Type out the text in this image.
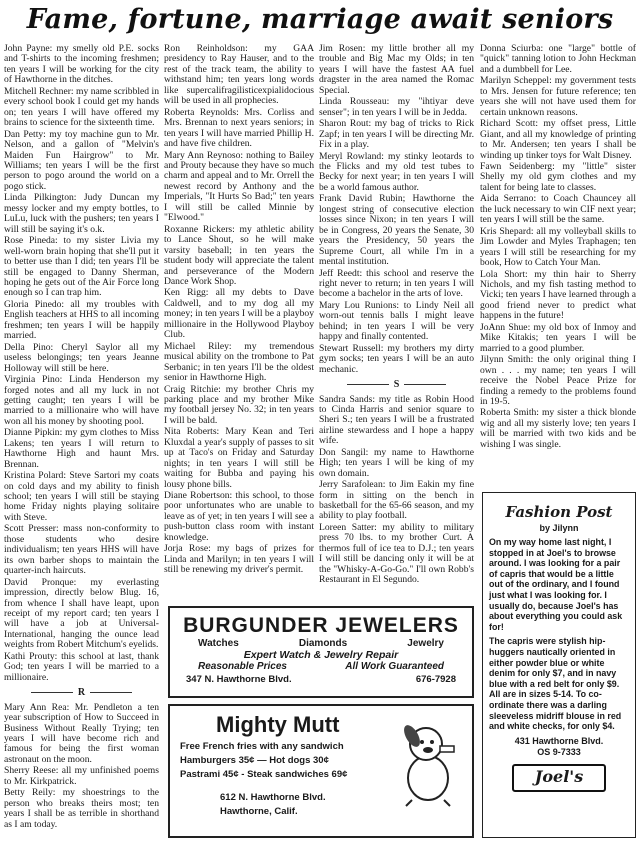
Fame, fortune, marriage await seniors

John Payne: my smelly old P.E. socks and T-shirts to the incoming freshmen; ten years I will be working for the city of Hawthorne in the ditches.

Mitchell Rechner: my name scribbled in every school book I could get my hands on; ten years I will have offered my brains to science for the sixteenth time.

Dan Petty: my toy machine gun to Mr. Nelson, and a gallon of "Melvin's Maiden Fun Hairgrow" to Mr. Williams; ten years I will be the first person to pogo around the world on a pogo stick.

Linda Pilkington: Judy Duncan my messy locker and my empty bottles, to LuLu, luck with the pushers; ten years I will still be saying it's o.k.

Rose Pineda: to my sister Livia my well-worn brain hoping that she'll put it to better use than I did; ten years I'll be still be engaged to Danny Sherman, hoping he gets out of the Air Force long enough so I can trap him.

Gloria Pinedo: all my troubles with English teachers at HHS to all incoming freshmen; ten years I will be happily married.

Della Pino: Cheryl Saylor all my useless belongings; ten years Jeanne Holloway will still be here.

Virginia Pino: Linda Henderson my forged notes and all my luck in not getting caught; ten years I will be married to a millionaire who will have won all his money by shooting pool.

Dianne Pipkin: my gym clothes to Miss Lakens; ten years I will return to Hawthorne High and haunt Mrs. Brennan.

Kristina Polard: Steve Sartori my coats on cold days and my ability to finish school; ten years I will still be staying home Friday nights playing solitaire with Steve.

Scott Presser: mass non-conformity to those students who desire individualism; ten years HHS will have its own barber shops to maintain the quarter-inch haircuts.

David Pronque: my everlasting impression, directly below Blug. 16, from whence I shall have leapt, upon receipt of my report card; ten years I will have a job at Universal-International, hanging the ounce lead weights from Robert Mitchum's eyelids.

Kathi Prouty: this school at last, thank God; ten years I will be married to a millionaire.

R

Mary Ann Rea: Mr. Pendleton a ten year subscription of How to Succeed in Business Without Really Trying; ten years I will have become rich and famous for being the first woman astronaut on the moon.

Sherry Reese: all my unfinished poems to Mr. Kirkpatrick.

Betty Reily: my shoestrings to the person who breaks theirs most; ten years I shall be as terrible in shorthand as I am today.

Ron Reinholdson: my GAA presidency to Ray Hauser, and to the rest of the track team, the ability to withstand him; ten years long words like supercalifragilisticexpialidocious will be used in all prophecies.

Roberta Reynolds: Mrs. Corliss and Mrs. Brennan to next years seniors; in ten years I will have married Phillip H. and have five children.

Mary Ann Reynoso: nothing to Bailey and Prouty because they have so much charm and appeal and to Mr. Orrell the newest record by Anthony and the Imperials, "It Hurts So Bad;" ten years I will still be called Minnie by "Elwood."

Roxanne Rickers: my athletic ability to Lance Shout, so he will make varsity baseball; in ten years the student body will appreciate the talent and perseverance of the Modern Dance Work Shop.

Ken Rigg: all my debts to Dave Caldwell, and to my dog all my money; in ten years I will be a playboy millionaire in the Hollywood Playboy Club.

Michael Riley: my tremendous musical ability on the trombone to Pat Serbanic; in ten years I'll be the oldest senior in Hawthorne High.

Craig Ritchie: my brother Chris my parking place and my brother Mike my football jersey No. 32; in ten years I will be bald.

Nita Roberts: Mary Kean and Teri Kluxdal a year's supply of passes to sit up at Taco's on Friday and Saturday nights; in ten years I will still be waiting for Bubba and paying his lousy phone bills.

Diane Robertson: this school, to those poor unfortunates who are unable to leave as of yet; in ten years I will see a push-button class room with instant knowledge.

Jorja Rose: my bags of prizes for Linda and Marilyn; in ten years I will still be renewing my driver's permit.

Jim Rosen: my little brother all my trouble and Big Mac my Olds; in ten years I will have the fastest AA fuel dragster in the area named the Romac Special.

Linda Rousseau: my "ihtiyar deve senser"; in ten years I will be in Jedda.

Sharon Rout: my bag of tricks to Rick Zapf; in ten years I will be directing Mr. Fix in a play.

Meryl Rowland: my stinky leotards to the Flicks and my old test tubes to Becky for next year; in ten years I will be a world famous author.

Frank David Rubin; Hawthorne the longest string of consecutive election losses since Nixon; in ten years I will be in Congress, 20 years the Senate, 30 years the Presidency, 50 years the Supreme Court, all while I'm in a mental institution.

Jeff Reedt: this school and reserve the right never to return; in ten years I will become a bachelor in the arts of love.

Mary Lou Runions: to Lindy Neil all worn-out tennis balls I might leave behind; in ten years I will be very happy and finally contented.

Stewart Russell: my brothers my dirty gym socks; ten years I will be an auto mechanic.

S

Sandra Sands: my title as Robin Hood to Cinda Harris and senior square to Sheri S.; ten years I will be a frustrated airline stewardess and I hope a happy wife.

Don Sangil: my name to Hawthorne High; ten years I will be king of my own domain.

Jerry Sarafolean: to Jim Eakin my fine form in sitting on the bench in basketball for the 65-66 season, and my ability to play football.

Loreen Satter: my ability to military press 70 lbs. to my brother Curt. A thermos full of ice tea to D.J.; ten years I will still be dancing only it will be at the "Whisky-A-Go-Go." I'll own Robb's Restaurant in El Segundo.

Donna Sciurba: one "large" bottle of "quick" tanning lotion to John Heckman and a dumbbell for Lee.

Marilyn Scheppel: my government tests to Mrs. Jensen for future reference; ten years she will not have used them for certain unknown reasons.

Richard Scott: my offset press, Little Giant, and all my knowledge of printing to Mr. Andersen; ten years I shall be winding up tinker toys for Walt Disney.

Fawn Seidenberg: my "little" sister Shelly my old gym clothes and my talent for being late to classes.

Aida Serrano: to Coach Chauncey all the luck necessary to win CIF next year; ten years I will still be the same.

Kris Shepard: all my volleyball skills to Jim Lowder and Myles Traphagen; ten years I will still be researching for my book, How to Catch Your Man.

Lola Short: my thin hair to Sherry Nichols, and my fish tasting method to Vicki; ten years I have learned through a good friend never to predict what happens in the future!

JoAnn Shue: my old box of Inmoy and Mike Kitakis; ten years I will be married to a good plumber.

Jilynn Smith: the only original thing I own . . . my name; ten years I will receive the Nobel Peace Prize for finding a remedy to the problems found in 19-5.

Roberta Smith: my sister a thick blonde wig and all my sisterly love; ten years I will be married with two kids and be wishing I was single.

BURGUNDER JEWELERS
Watches	Diamonds	Jewelry
Expert Watch & Jewelry Repair
Reasonable Prices	All Work Guaranteed
347 N. Hawthorne Blvd.	676-7928
Mighty Mutt
Free French fries with any sandwich
Hamburgers 35¢ — Hot dogs 30¢
Pastrami 45¢ - Steak sandwiches 69¢
612 N. Hawthorne Blvd.
Hawthorne, Calif.
Fashion Post
by Jilynn

On my way home last night, I stopped in at Joel's to browse around. I was looking for a pair of capris that would be a little out of the ordinary, and I found just what I was looking for. I usually do, because Joel's has about everything you could ask for!

The capris were stylish hip-huggers nautically oriented in either powder blue or white denim for only $7, and in navy blue with a red belt for only $9. All are in sizes 5-14. To co-ordinate there was a darling sleeveless midriff blouse in red and white checks, for only $4.

431 Hawthorne Blvd.
OS 9-7333
Joel's
